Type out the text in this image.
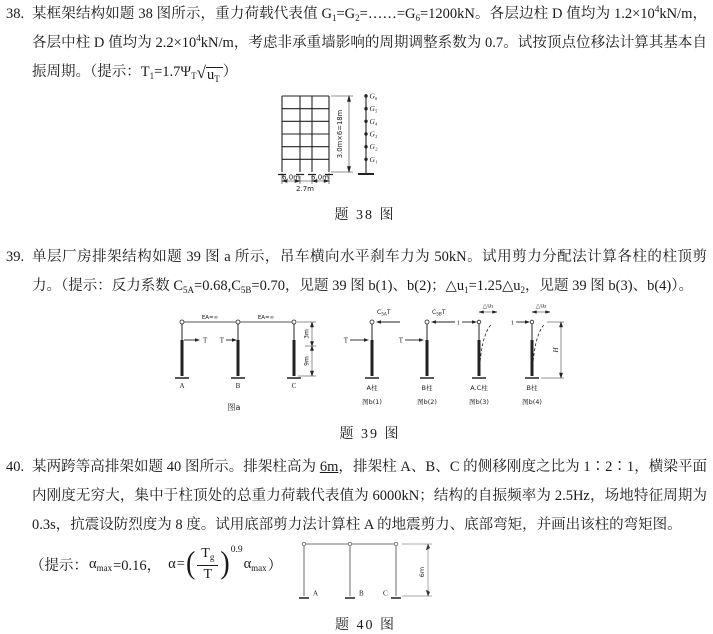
38. 某框架结构如题 38 图所示，重力荷载代表值 $G_1=G_2=\dots\dots=G_6=1200kN$。各层边柱 D 值均为 $1.2\times 10^4kN/m$，各层中柱 D 值均为 $2.2\times 10^4kN/m$，考虑非承重墙影响的周期调整系数为 0.7。试按顶点位移法计算其基本自振周期。（提示：$T_1=1.7\Psi_T√u_T$ ）
6.0m 6.0m
2.7m
3.0m×6=18m
G₆
G₅
G₄
G₃
G₂
G₁
题 38 图
39. 单层厂房排架结构如题 39 图 a 所示，吊车横向水平刹车力为 50kN。试用剪力分配法计算各柱的柱顶剪力。（提示：反力系数 $C_{5A}=0.68,C_{5B}=0.70$，见题 39 图 b(1)、b(2)；$\triangle u_1=1.25\triangle u_2$，见题 39 图 b(3)、b(4)）。
EA=∞	EA=∞
T T
A	B	C
3m
9m
图a
T
$C_{5A}T$
A柱
图b(1)
T
$C_{5B}T$
B柱
图b(2)
1
△u₁
A.C柱
图b(3)
1
△u₂
H
B柱
图b(4)
题 39 图
40. 某两跨等高排架如题 40 图所示。排架柱高为 6m，排架柱 A、B、C 的侧移刚度之比为 1∶2∶1，横梁平面内刚度无穷大，集中于柱顶处的总重力荷载代表值为 6000kN；结构的自振频率为 2.5Hz，场地特征周期为 0.3s，抗震设防烈度为 8 度。试用底部剪力法计算柱 A 的地震剪力、底部弯矩，并画出该柱的弯矩图。
（提示： $\alpha_{max} =0.16$， α = ( $\frac{T_g}{T} )^{0.9}$
$\alpha_{max}$ ）
A	B	C
6m
题 40 图
